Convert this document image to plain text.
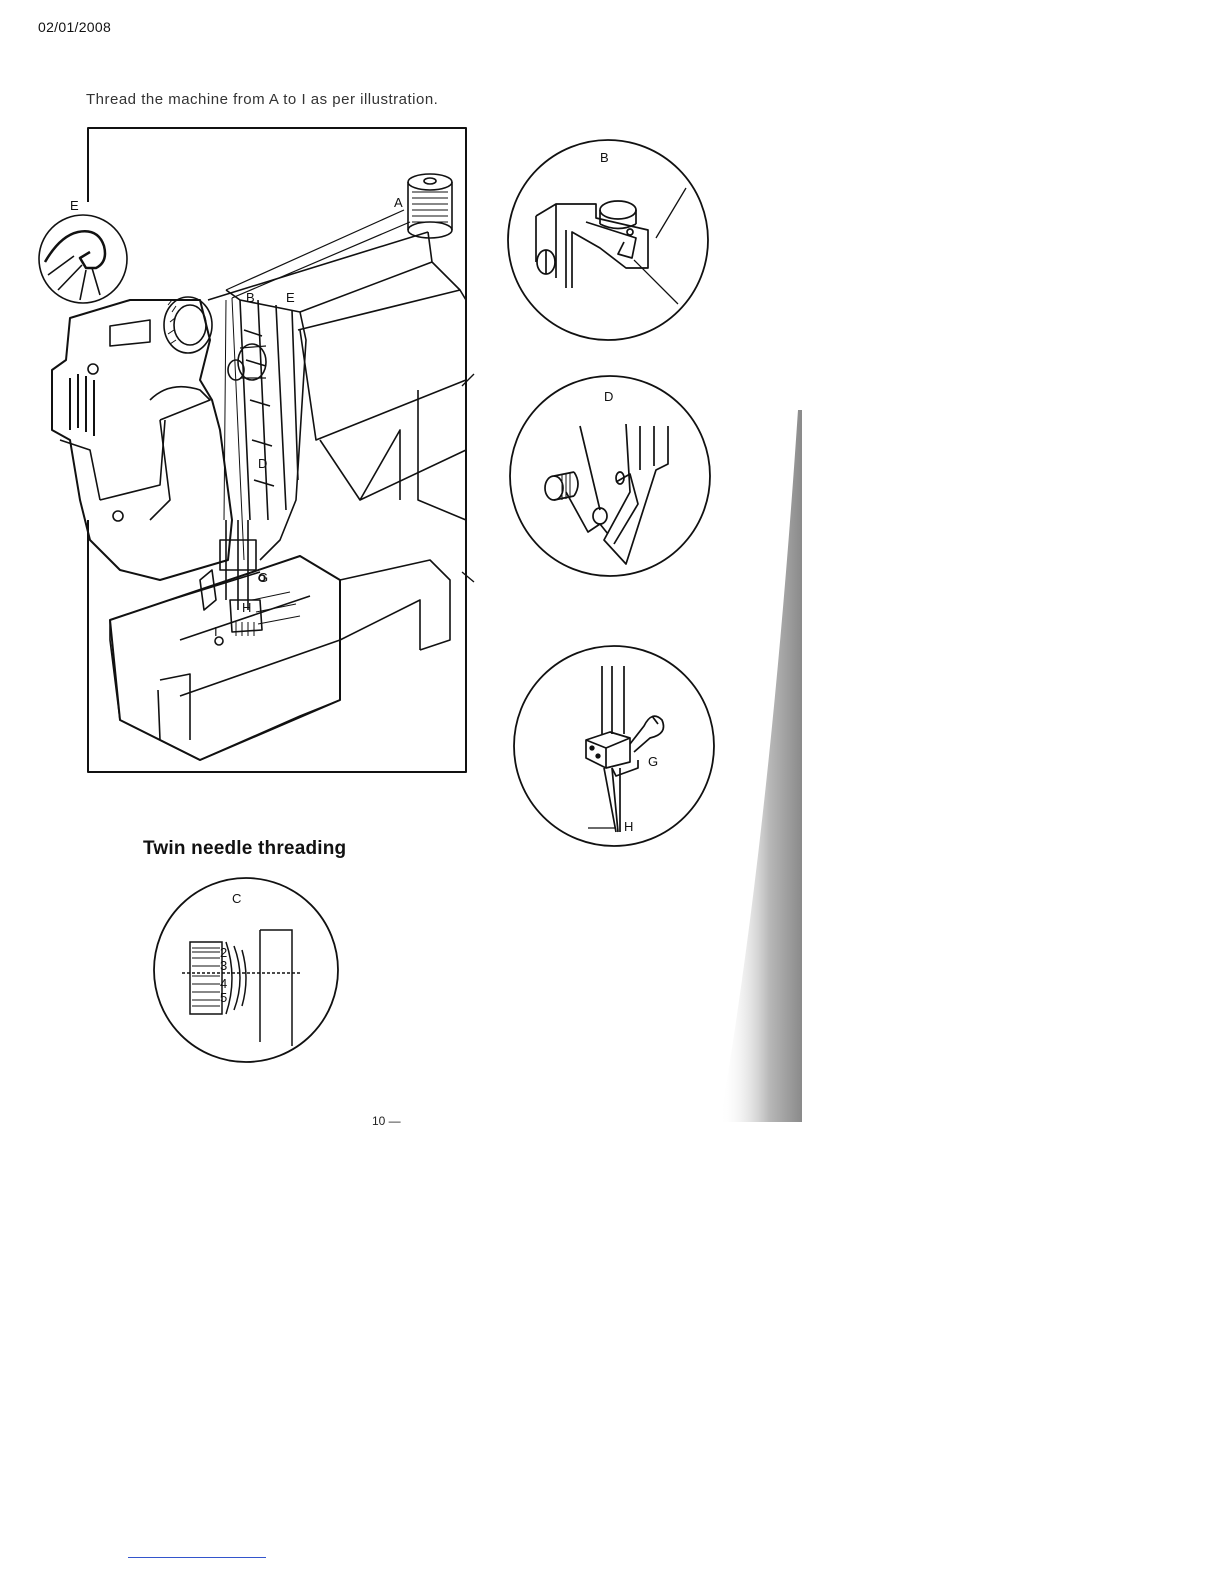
02/01/2008
Thread the machine from A to I as per illustration.
E	A
B E
D
G
H
I
B
D
G
H
Twin needle threading
C
2
3
4
5
10 —
